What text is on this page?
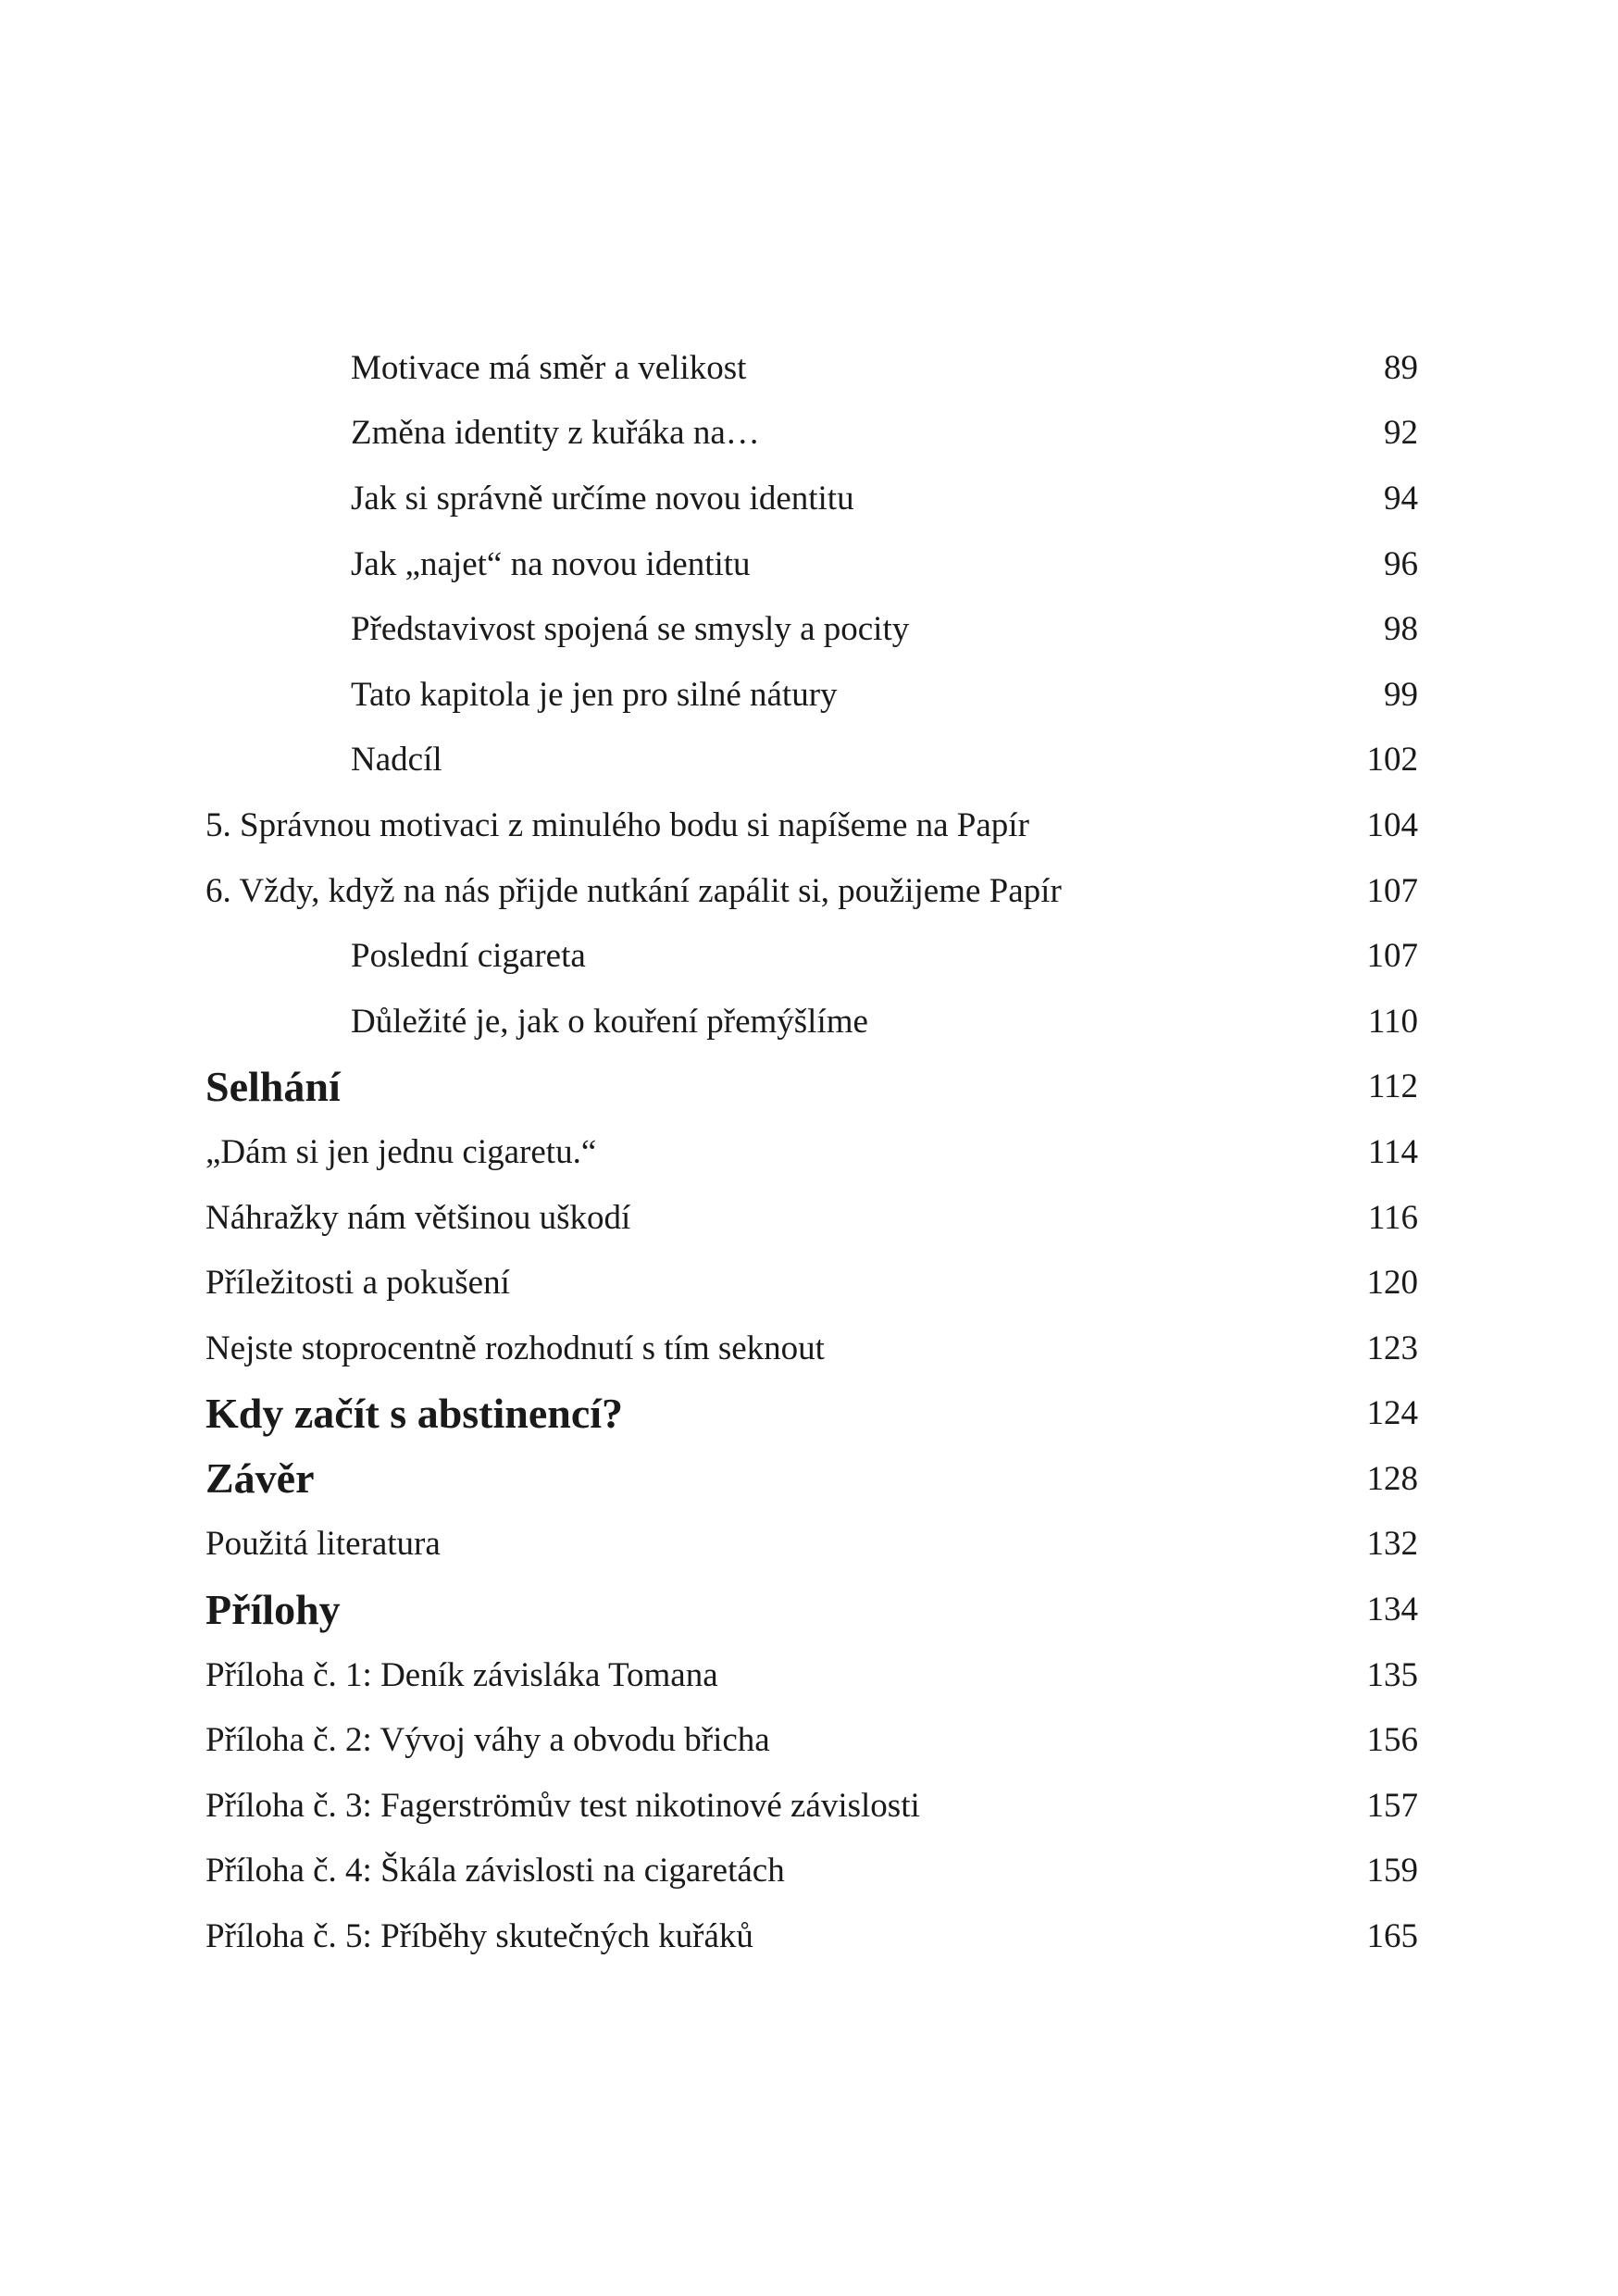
Motivace má směr a velikost	89
Změna identity z kuřáka na…	92
Jak si správně určíme novou identitu	94
Jak „najet“ na novou identitu	96
Představivost spojená se smysly a pocity	98
Tato kapitola je jen pro silné nátury	99
Nadcíl	102
5. Správnou motivaci z minulého bodu si napíšeme na Papír	104
6. Vždy, když na nás přijde nutkání zapálit si, použijeme Papír	107
Poslední cigareta	107
Důležité je, jak o kouření přemýšlíme	110
Selhání	112
„Dám si jen jednu cigaretu.“	114
Náhražky nám většinou uškodí	116
Příležitosti a pokušení	120
Nejste stoprocentně rozhodnutí s tím seknout	123
Kdy začít s abstinencí?	124
Závěr	128
Použitá literatura	132
Přílohy	134
Příloha č. 1: Deník závisláka Tomana	135
Příloha č. 2: Vývoj váhy a obvodu břicha	156
Příloha č. 3: Fagerströmův test nikotinové závislosti	157
Příloha č. 4: Škála závislosti na cigaretách	159
Příloha č. 5: Příběhy skutečných kuřáků	165
